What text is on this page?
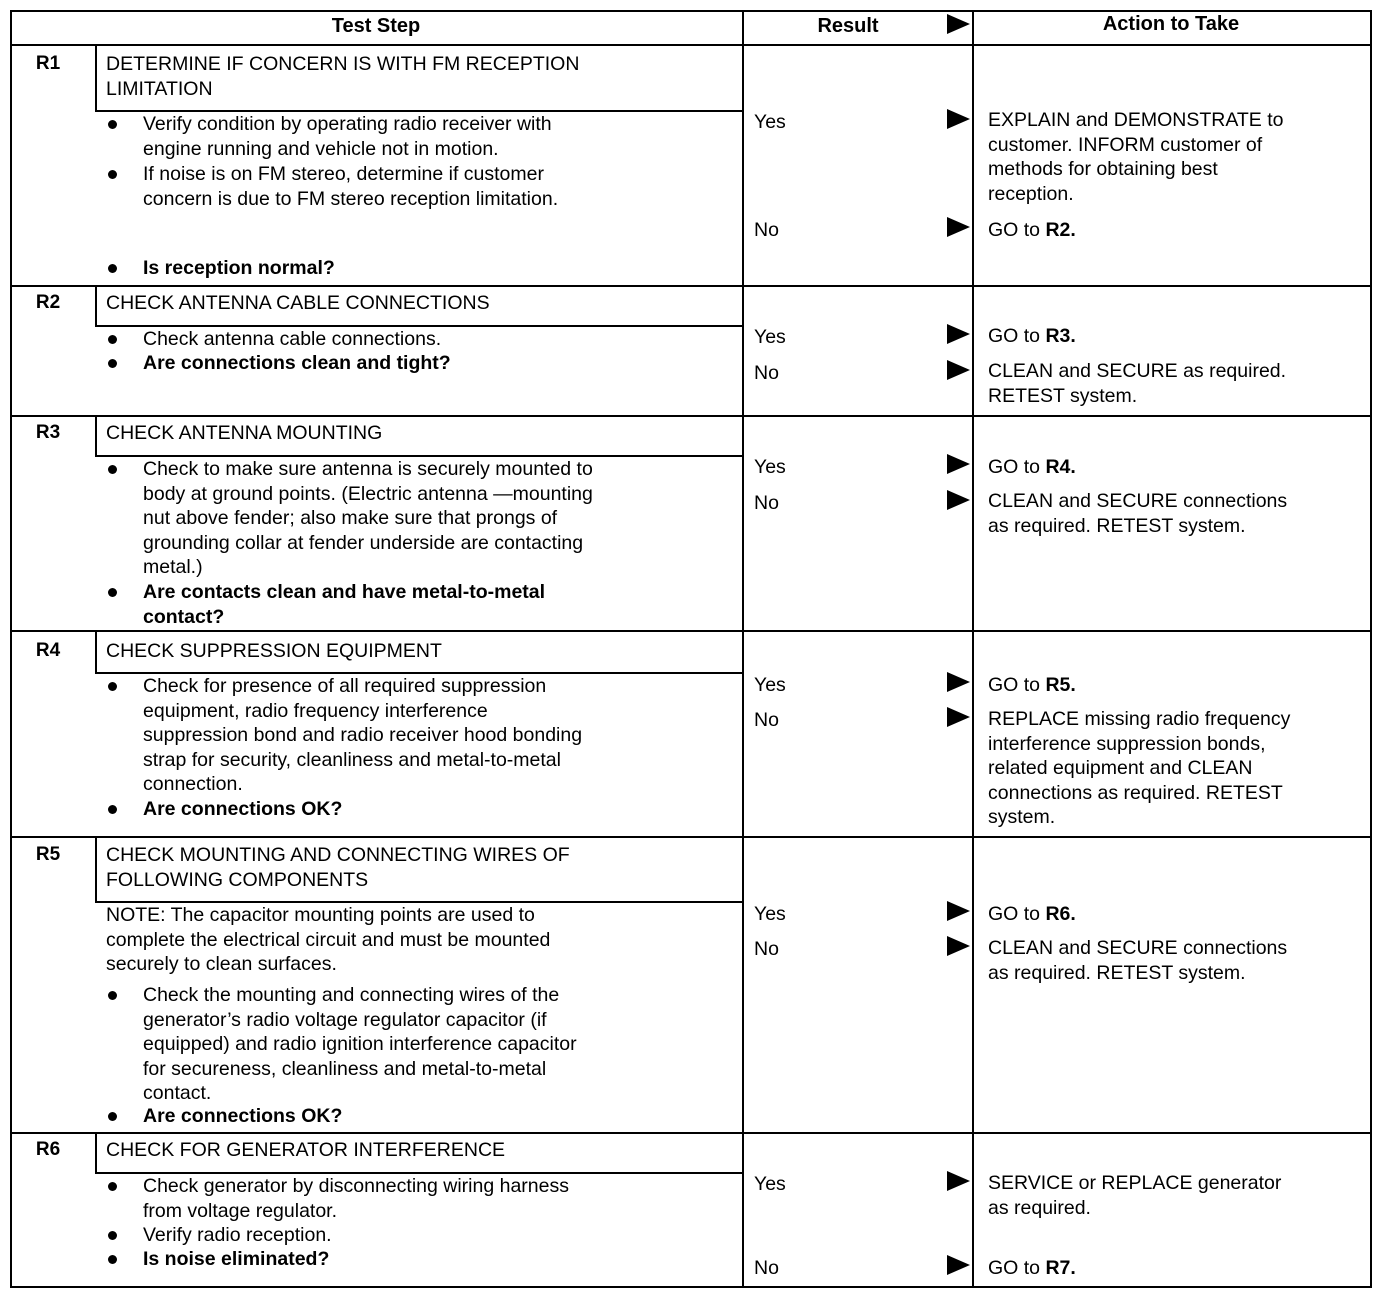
Test Step	Result	Action to Take
R1	DETERMINE IF CONCERN IS WITH FM RECEPTION
LIMITATION
Verify condition by operating radio receiver with
engine running and vehicle not in motion.
If noise is on FM stereo, determine if customer
concern is due to FM stereo reception limitation.
Is reception normal?
Yes	EXPLAIN and DEMONSTRATE to
customer. INFORM customer of
methods for obtaining best
reception.
No	GO to R2.
R2	CHECK ANTENNA CABLE CONNECTIONS
Check antenna cable connections.
Are connections clean and tight?
Yes	GO to R3.
No	CLEAN and SECURE as required.
RETEST system.
R3	CHECK ANTENNA MOUNTING
Check to make sure antenna is securely mounted to
body at ground points. (Electric antenna —mounting
nut above fender; also make sure that prongs of
grounding collar at fender underside are contacting
metal.)
Are contacts clean and have metal-to-metal
contact?
Yes	GO to R4.
No	CLEAN and SECURE connections
as required. RETEST system.
R4	CHECK SUPPRESSION EQUIPMENT
Check for presence of all required suppression
equipment, radio frequency interference
suppression bond and radio receiver hood bonding
strap for security, cleanliness and metal-to-metal
connection.
Are connections OK?
Yes	GO to R5.
No	REPLACE missing radio frequency
interference suppression bonds,
related equipment and CLEAN
connections as required. RETEST
system.
R5	CHECK MOUNTING AND CONNECTING WIRES OF
FOLLOWING COMPONENTS
NOTE: The capacitor mounting points are used to
complete the electrical circuit and must be mounted
securely to clean surfaces.
Check the mounting and connecting wires of the
generator’s radio voltage regulator capacitor (if
equipped) and radio ignition interference capacitor
for secureness, cleanliness and metal-to-metal
contact.
Are connections OK?
Yes	GO to R6.
No	CLEAN and SECURE connections
as required. RETEST system.
R6	CHECK FOR GENERATOR INTERFERENCE
Check generator by disconnecting wiring harness
from voltage regulator.
Verify radio reception.
Is noise eliminated?
Yes	SERVICE or REPLACE generator
as required.
No	GO to R7.
